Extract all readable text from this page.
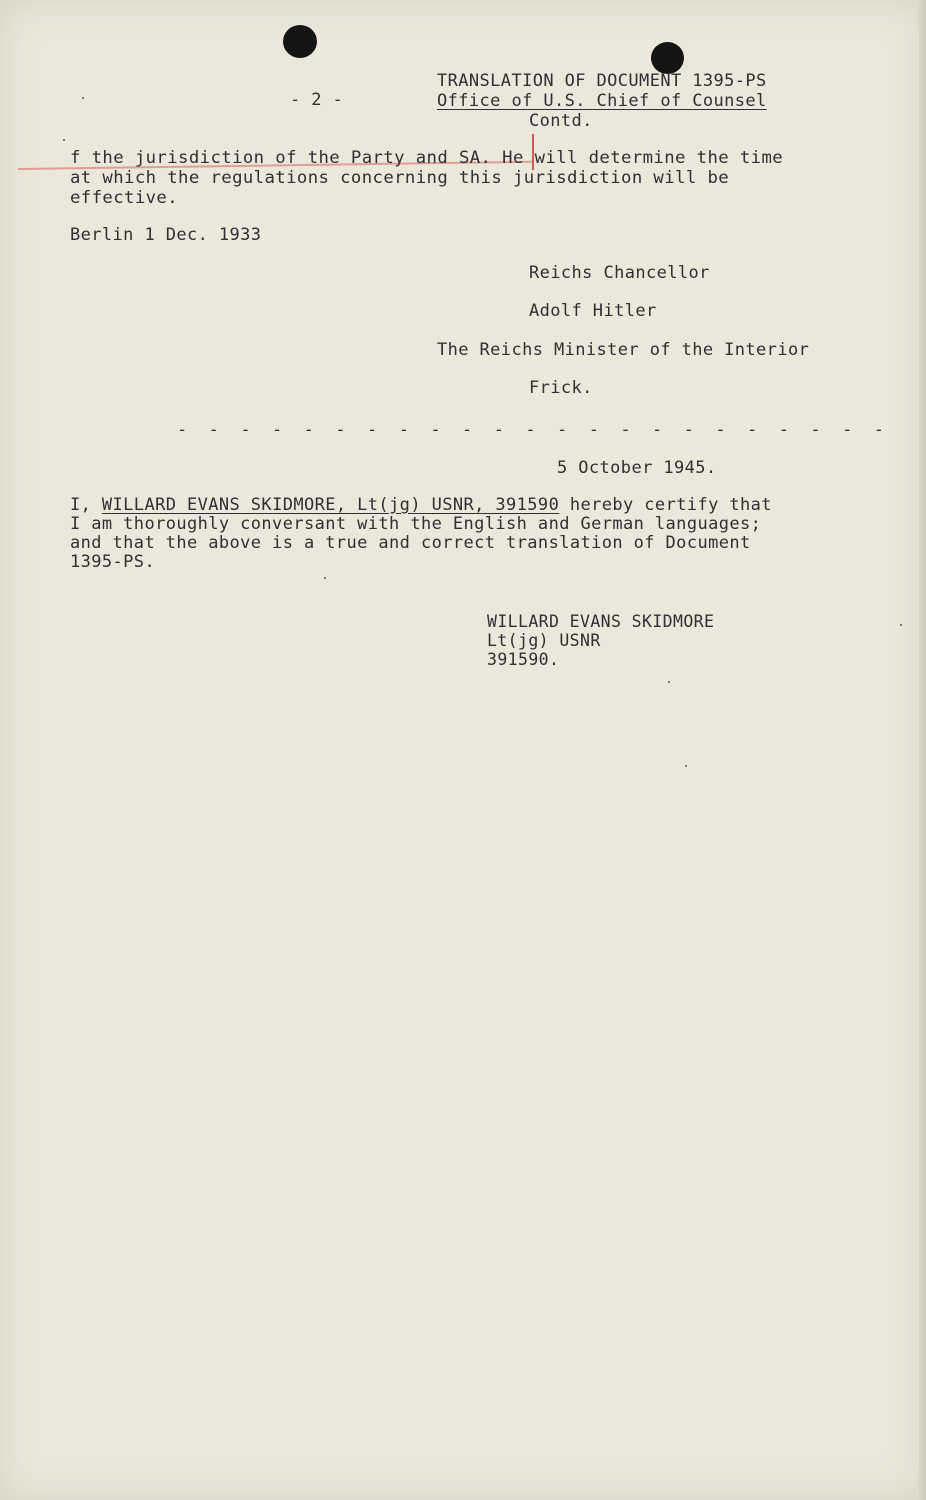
- 2 -

TRANSLATION OF DOCUMENT 1395-PS

Office of U.S. Chief of Counsel

Contd.

f the jurisdiction of the Party and SA. He will determine the time
at which the regulations concerning this jurisdiction will be
effective.

Berlin 1 Dec. 1933

Reichs Chancellor

Adolf Hitler

The Reichs Minister of the Interior

Frick.

- - - - - - - - - - - - - - - - - - - - - - -

5 October 1945.

I, WILLARD EVANS SKIDMORE, Lt(jg) USNR, 391590 hereby certify that
I am thoroughly conversant with the English and German languages;
and that the above is a true and correct translation of Document
1395-PS.

WILLARD EVANS SKIDMORE
Lt(jg) USNR
391590.
